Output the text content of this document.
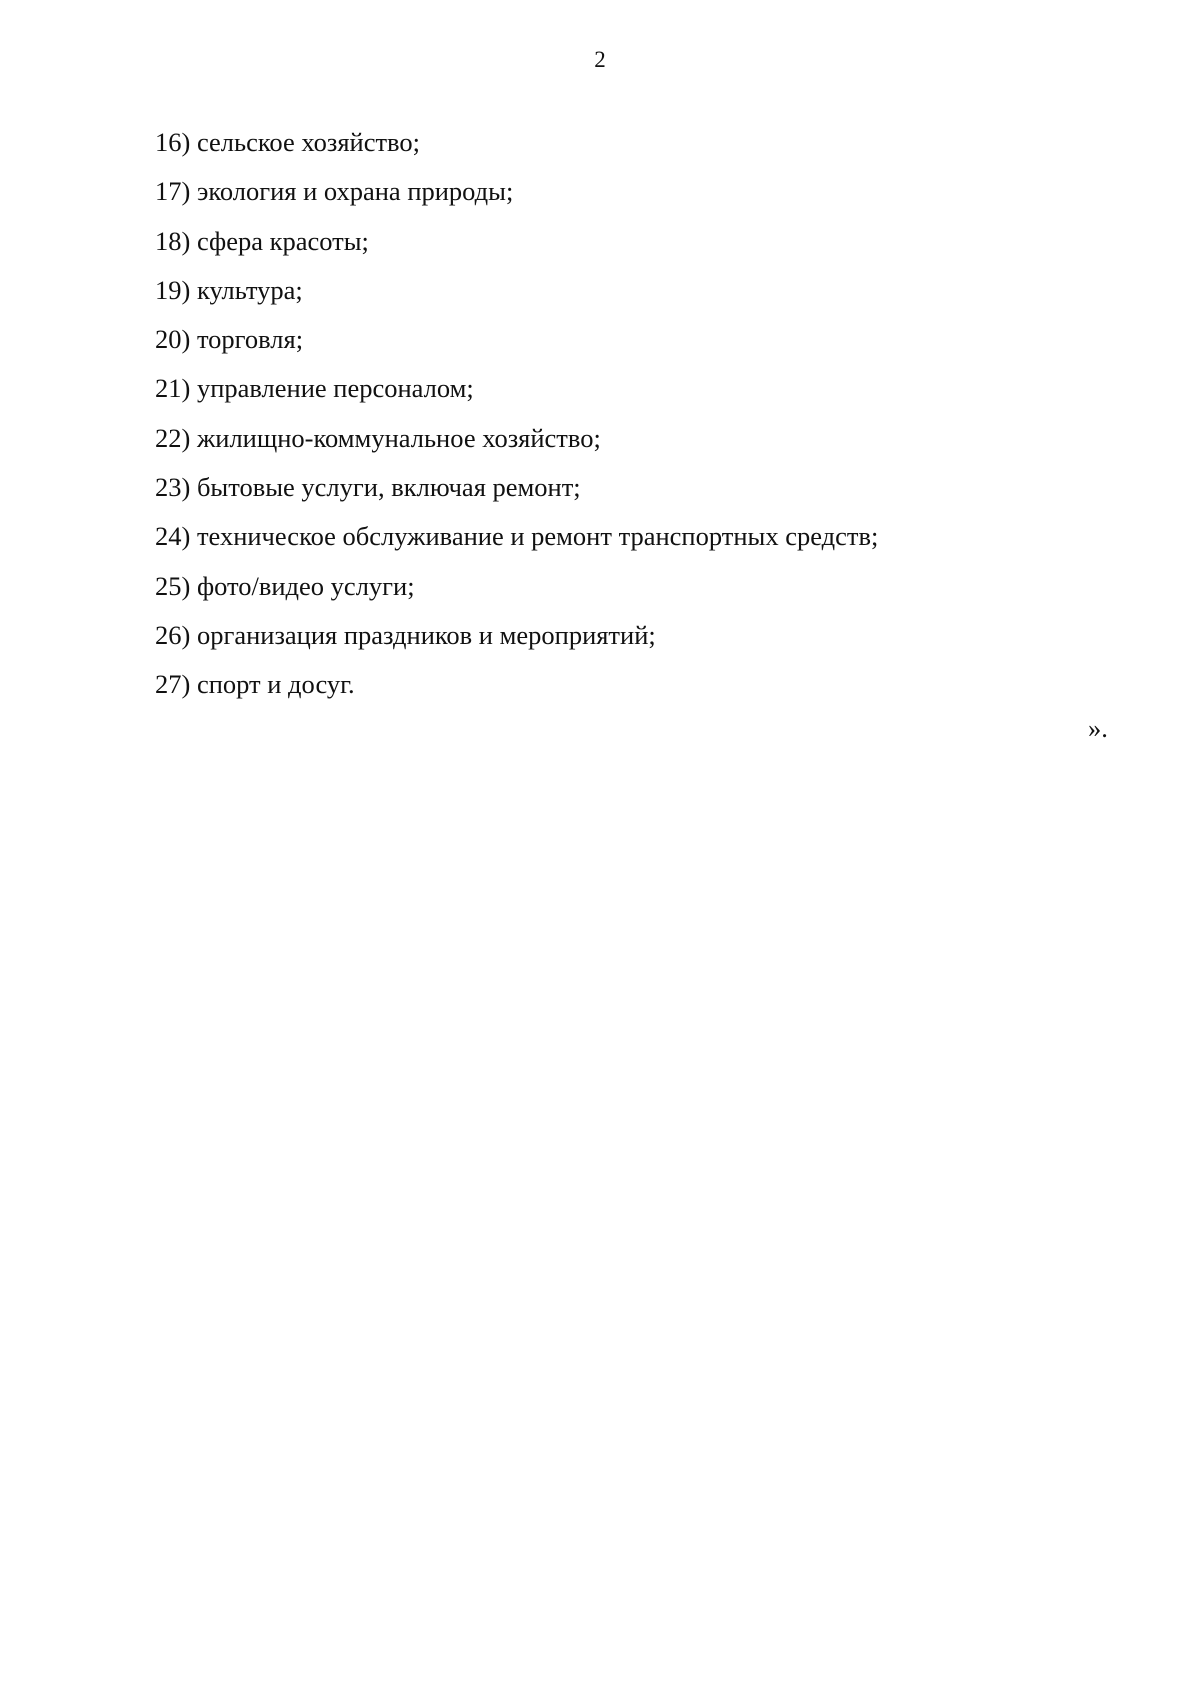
2
16) сельское хозяйство;
17) экология и охрана природы;
18) сфера красоты;
19) культура;
20) торговля;
21) управление персоналом;
22) жилищно-коммунальное хозяйство;
23) бытовые услуги, включая ремонт;
24) техническое обслуживание и ремонт транспортных средств;
25) фото/видео услуги;
26) организация праздников и мероприятий;
27) спорт и досуг.
».
